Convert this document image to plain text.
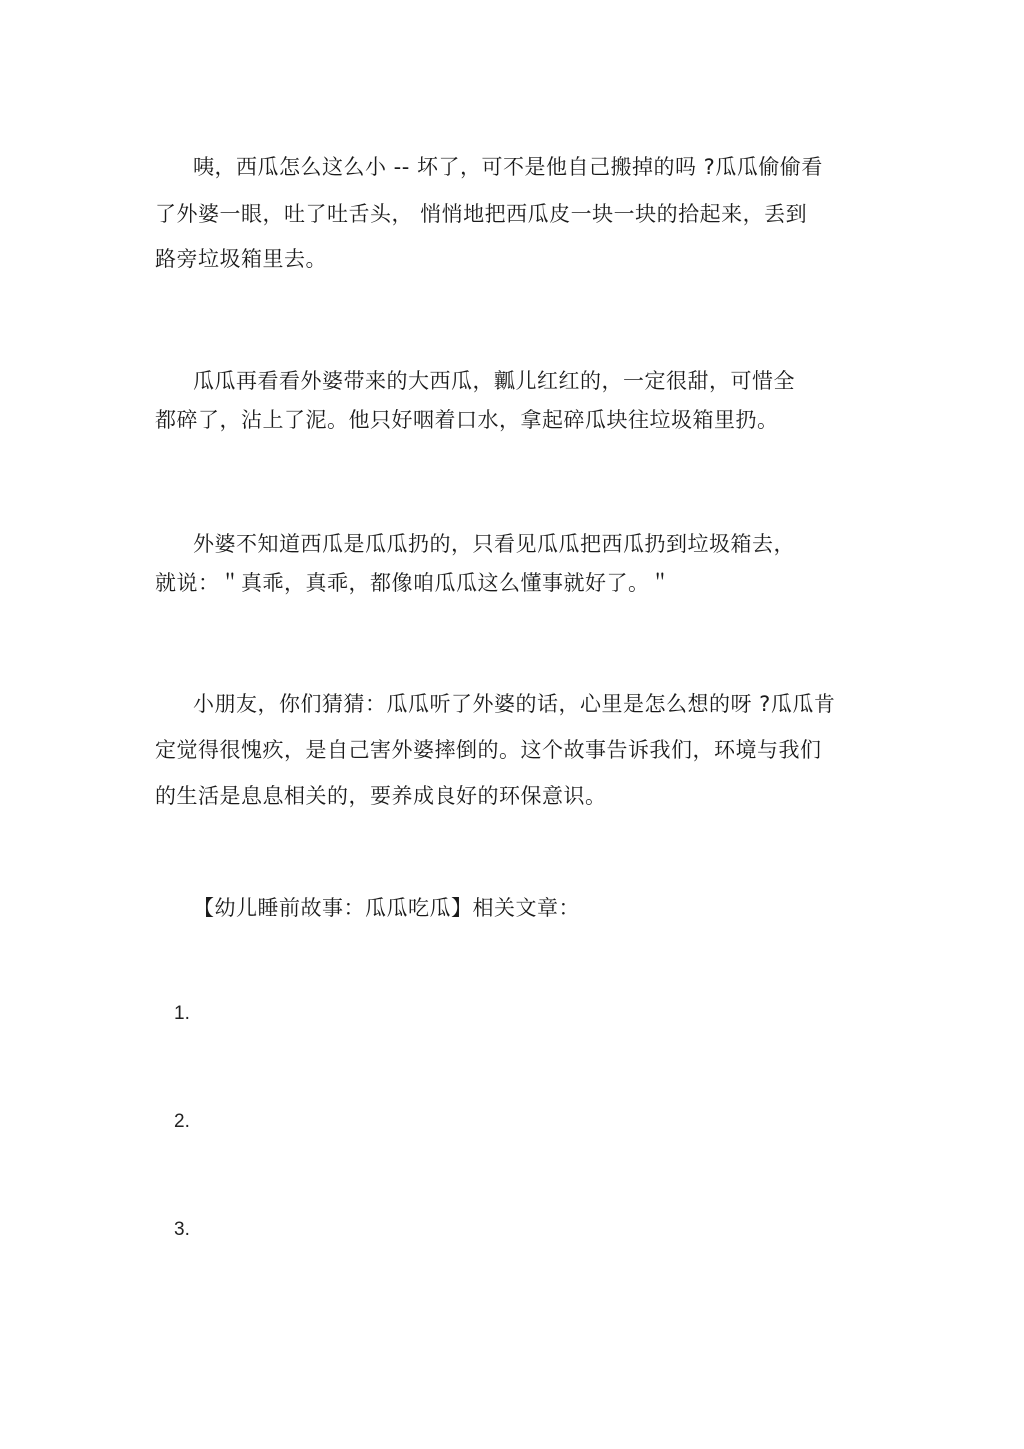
咦，西瓜怎么这么小 -- 坏了，可不是他自己搬掉的吗 ?瓜瓜偷偷看
了外婆一眼，吐了吐舌头， 悄悄地把西瓜皮一块一块的拾起来，丢到
路旁垃圾箱里去。
瓜瓜再看看外婆带来的大西瓜，瓤儿红红的，一定很甜，可惜全
都碎了，沾上了泥。他只好咽着口水，拿起碎瓜块往垃圾箱里扔。
外婆不知道西瓜是瓜瓜扔的，只看见瓜瓜把西瓜扔到垃圾箱去，
就说：＂真乖，真乖，都像咱瓜瓜这么懂事就好了。＂
小朋友，你们猜猜：瓜瓜听了外婆的话，心里是怎么想的呀 ?瓜瓜肯
定觉得很愧疚，是自己害外婆摔倒的。这个故事告诉我们，环境与我们
的生活是息息相关的，要养成良好的环保意识。
【幼儿睡前故事：瓜瓜吃瓜】相关文章：
1.
2.
3.
